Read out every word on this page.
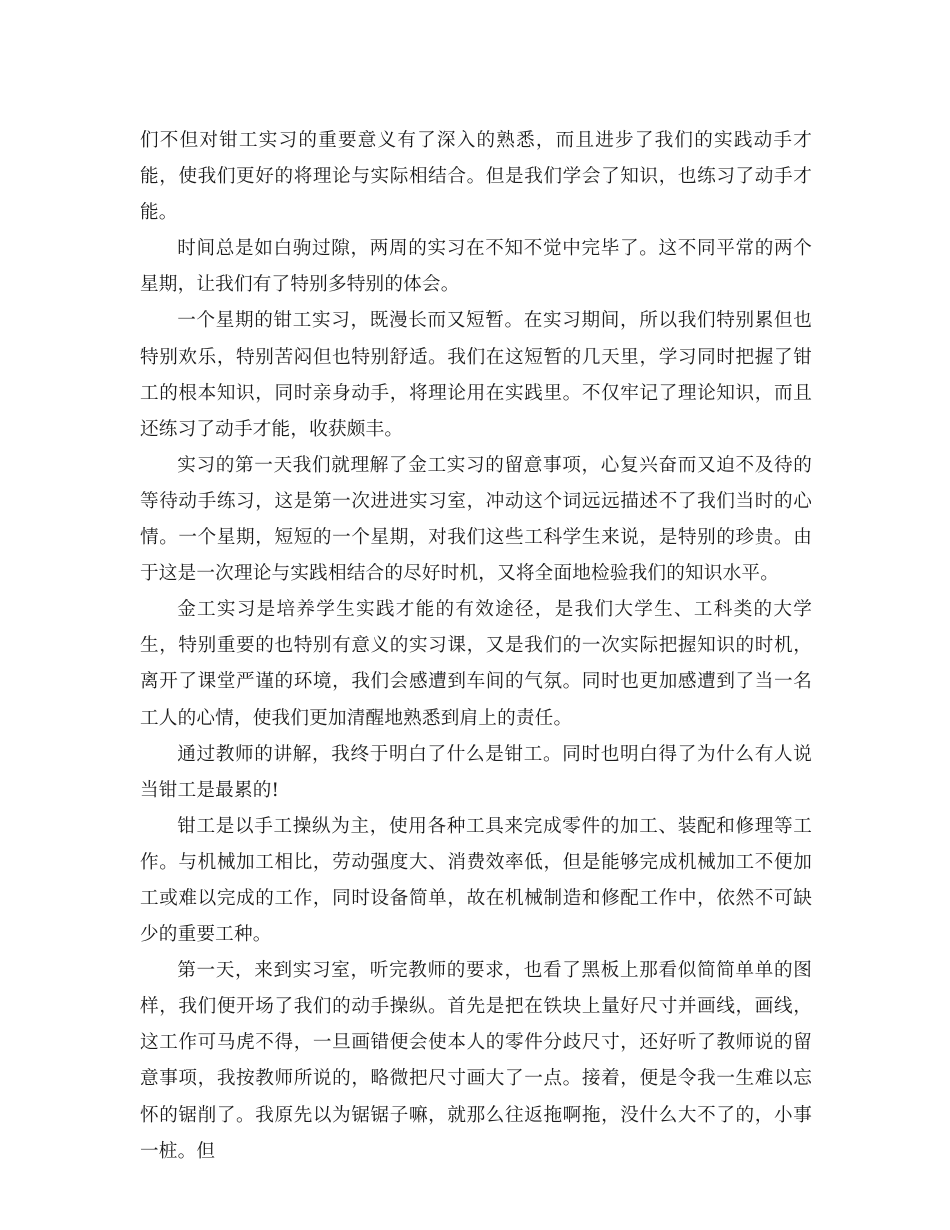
们不但对钳工实习的重要意义有了深入的熟悉，而且进步了我们的实践动手才能，使我们更好的将理论与实际相结合。但是我们学会了知识，也练习了动手才能。

时间总是如白驹过隙，两周的实习在不知不觉中完毕了。这不同平常的两个星期，让我们有了特别多特别的体会。

一个星期的钳工实习，既漫长而又短暂。在实习期间，所以我们特别累但也特别欢乐，特别苦闷但也特别舒适。我们在这短暂的几天里，学习同时把握了钳工的根本知识，同时亲身动手，将理论用在实践里。不仅牢记了理论知识，而且还练习了动手才能，收获颇丰。

实习的第一天我们就理解了金工实习的留意事项，心复兴奋而又迫不及待的等待动手练习，这是第一次进进实习室，冲动这个词远远描述不了我们当时的心情。一个星期，短短的一个星期，对我们这些工科学生来说，是特别的珍贵。由于这是一次理论与实践相结合的尽好时机，又将全面地检验我们的知识水平。

金工实习是培养学生实践才能的有效途径，是我们大学生、工科类的大学生，特别重要的也特别有意义的实习课，又是我们的一次实际把握知识的时机，离开了课堂严谨的环境，我们会感遭到车间的气氛。同时也更加感遭到了当一名工人的心情，使我们更加清醒地熟悉到肩上的责任。

通过教师的讲解，我终于明白了什么是钳工。同时也明白得了为什么有人说当钳工是最累的!

钳工是以手工操纵为主，使用各种工具来完成零件的加工、装配和修理等工作。与机械加工相比，劳动强度大、消费效率低，但是能够完成机械加工不便加工或难以完成的工作，同时设备简单，故在机械制造和修配工作中，依然不可缺少的重要工种。

第一天，来到实习室，听完教师的要求，也看了黑板上那看似简简单单的图样，我们便开场了我们的动手操纵。首先是把在铁块上量好尺寸并画线，画线，这工作可马虎不得，一旦画错便会使本人的零件分歧尺寸，还好听了教师说的留意事项，我按教师所说的，略微把尺寸画大了一点。接着，便是令我一生难以忘怀的锯削了。我原先以为锯锯子嘛，就那么往返拖啊拖，没什么大不了的，小事一桩。但
